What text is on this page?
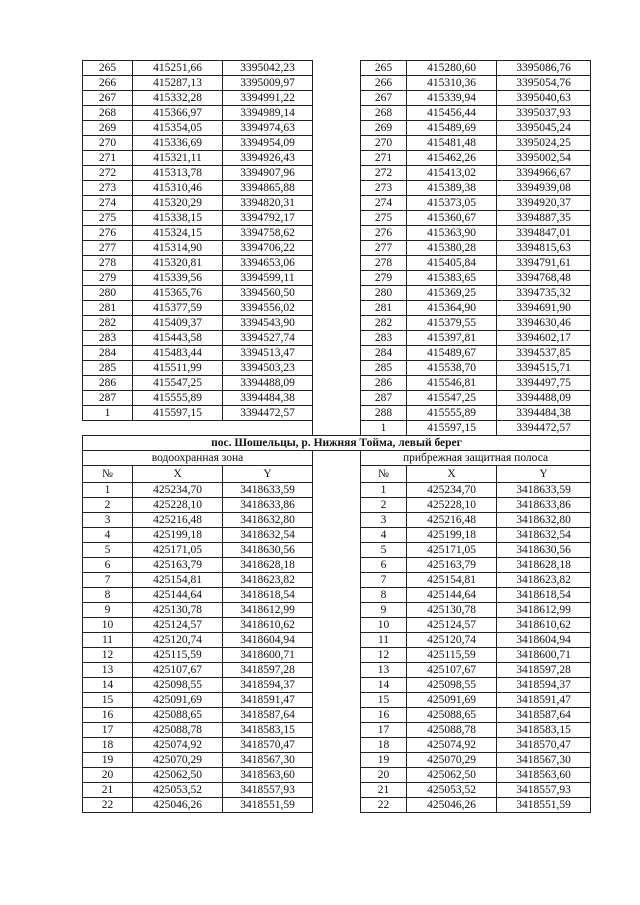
265	415251,66	3395042,23		265	415280,60	3395086,76
266	415287,13	3395009,97		266	415310,36	3395054,76
267	415332,28	3394991,22		267	415339,94	3395040,63
268	415366,97	3394989,14		268	415456,44	3395037,93
269	415354,05	3394974,63		269	415489,69	3395045,24
270	415336,69	3394954,09		270	415481,48	3395024,25
271	415321,11	3394926,43		271	415462,26	3395002,54
272	415313,78	3394907,96		272	415413,02	3394966,67
273	415310,46	3394865,88		273	415389,38	3394939,08
274	415320,29	3394820,31		274	415373,05	3394920,37
275	415338,15	3394792,17		275	415360,67	3394887,35
276	415324,15	3394758,62		276	415363,90	3394847,01
277	415314,90	3394706,22		277	415380,28	3394815,63
278	415320,81	3394653,06		278	415405,84	3394791,61
279	415339,56	3394599,11		279	415383,65	3394768,48
280	415365,76	3394560,50		280	415369,25	3394735,32
281	415377,59	3394556,02		281	415364,90	3394691,90
282	415409,37	3394543,90		282	415379,55	3394630,46
283	415443,58	3394527,74		283	415397,81	3394602,17
284	415483,44	3394513,47		284	415489,67	3394537,85
285	415511,99	3394503,23		285	415538,70	3394515,71
286	415547,25	3394488,09		286	415546,81	3394497,75
287	415555,89	3394484,38		287	415547,25	3394488,09
1	415597,15	3394472,57		288	415555,89	3394484,38
				1	415597,15	3394472,57
пос. Шошельцы, р. Нижняя Тойма, левый берег						
водоохранная зона				прибрежная защитная полоса		
№	X	Y		№	X	Y
1	425234,70	3418633,59		1	425234,70	3418633,59
2	425228,10	3418633,86		2	425228,10	3418633,86
3	425216,48	3418632,80		3	425216,48	3418632,80
4	425199,18	3418632,54		4	425199,18	3418632,54
5	425171,05	3418630,56		5	425171,05	3418630,56
6	425163,79	3418628,18		6	425163,79	3418628,18
7	425154,81	3418623,82		7	425154,81	3418623,82
8	425144,64	3418618,54		8	425144,64	3418618,54
9	425130,78	3418612,99		9	425130,78	3418612,99
10	425124,57	3418610,62		10	425124,57	3418610,62
11	425120,74	3418604,94		11	425120,74	3418604,94
12	425115,59	3418600,71		12	425115,59	3418600,71
13	425107,67	3418597,28		13	425107,67	3418597,28
14	425098,55	3418594,37		14	425098,55	3418594,37
15	425091,69	3418591,47		15	425091,69	3418591,47
16	425088,65	3418587,64		16	425088,65	3418587,64
17	425088,78	3418583,15		17	425088,78	3418583,15
18	425074,92	3418570,47		18	425074,92	3418570,47
19	425070,29	3418567,30		19	425070,29	3418567,30
20	425062,50	3418563,60		20	425062,50	3418563,60
21	425053,52	3418557,93		21	425053,52	3418557,93
22	425046,26	3418551,59		22	425046,26	3418551,59
